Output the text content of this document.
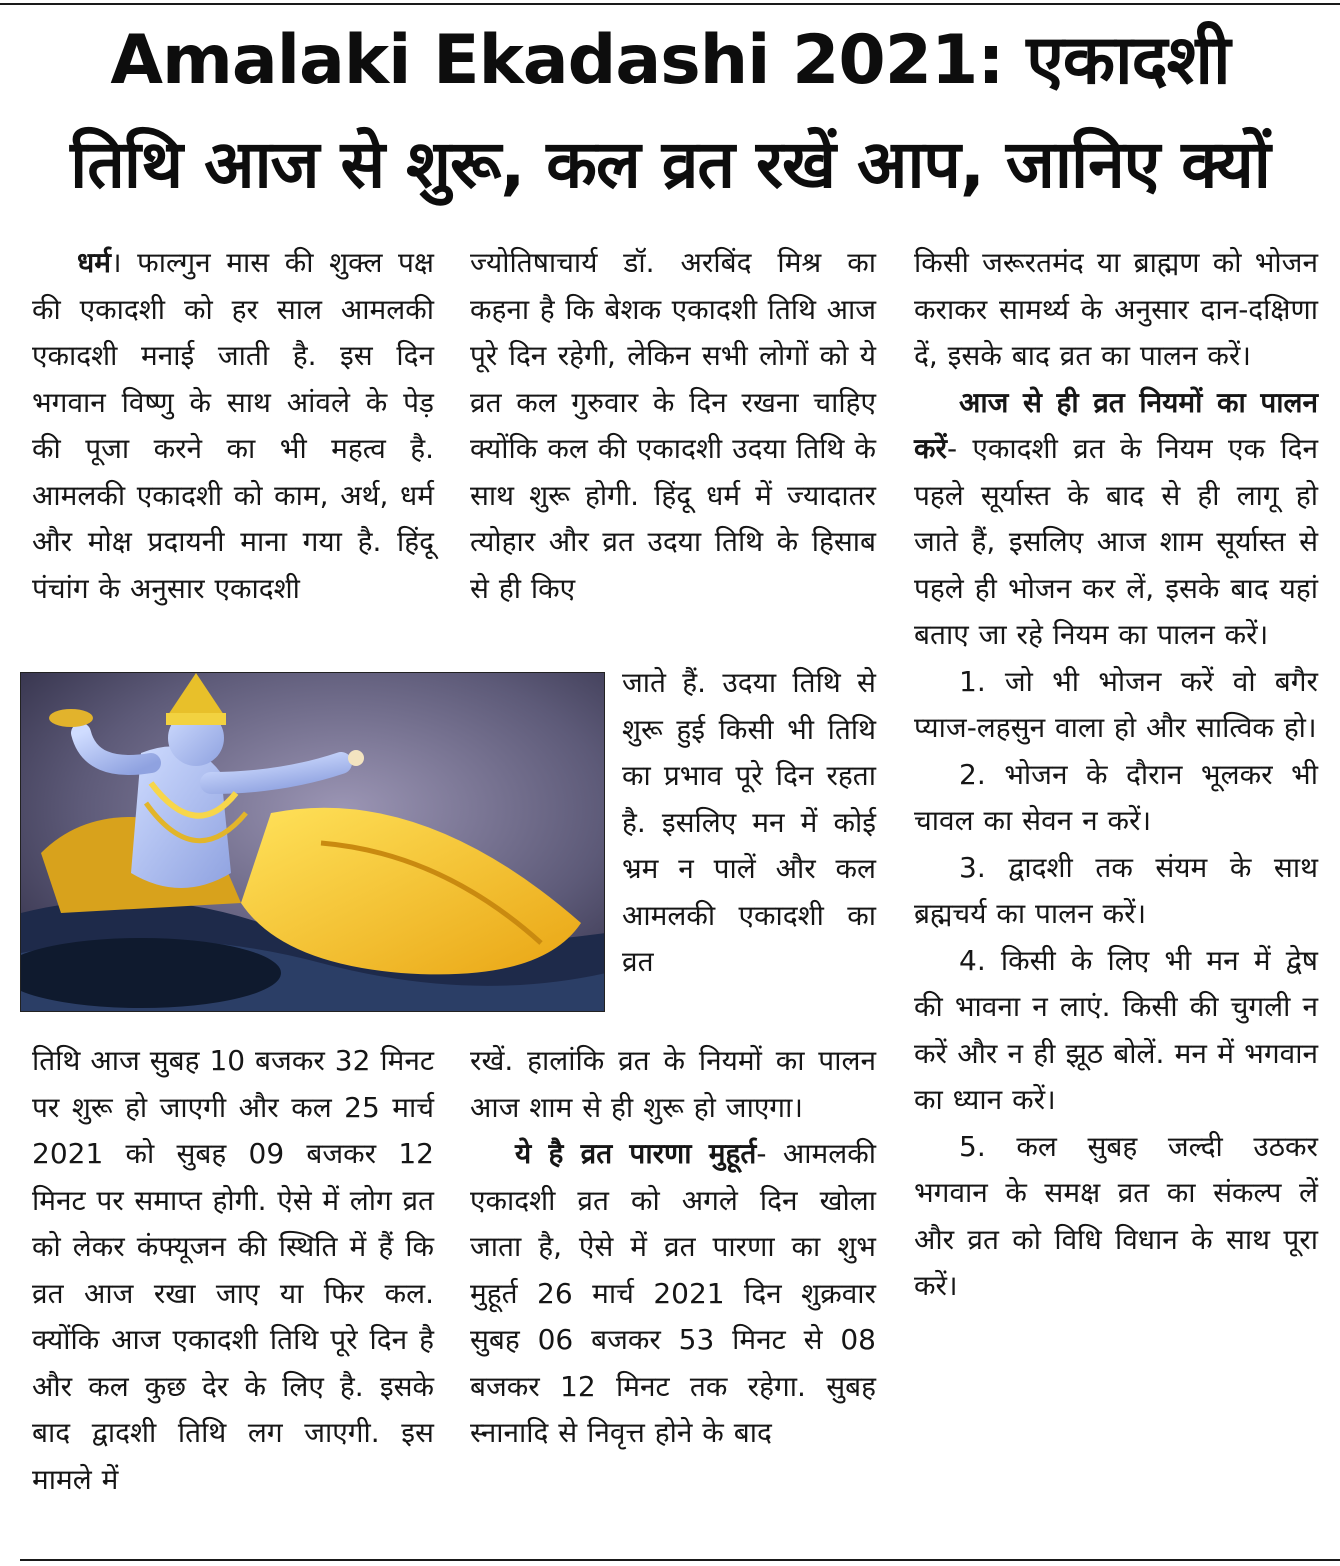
Amalaki Ekadashi 2021: एकादशी
तिथि आज से शुरू, कल व्रत रखें आप, जानिए क्यों

धर्म। फाल्गुन मास की शुक्ल पक्ष की एकादशी को हर साल आमलकी एकादशी मनाई जाती है. इस दिन भगवान विष्णु के साथ आंवले के पेड़ की पूजा करने का भी महत्व है. आमलकी एकादशी को काम, अर्थ, धर्म और मोक्ष प्रदायनी माना गया है. हिंदू पंचांग के अनुसार एकादशी

तिथि आज सुबह 10 बजकर 32 मिनट पर शुरू हो जाएगी और कल 25 मार्च 2021 को सुबह 09 बजकर 12 मिनट पर समाप्त होगी. ऐसे में लोग व्रत को लेकर कंफ्यूजन की स्थिति में हैं कि व्रत आज रखा जाए या फिर कल. क्योंकि आज एकादशी तिथि पूरे दिन है और कल कुछ देर के लिए है. इसके बाद द्वादशी तिथि लग जाएगी. इस मामले में

ज्योतिषाचार्य डॉ. अरबिंद मिश्र का कहना है कि बेशक एकादशी तिथि आज पूरे दिन रहेगी, लेकिन सभी लोगों को ये व्रत कल गुरुवार के दिन रखना चाहिए क्योंकि कल की एकादशी उदया तिथि के साथ शुरू होगी. हिंदू धर्म में ज्यादातर त्योहार और व्रत उदया तिथि के हिसाब से ही किए

जाते हैं. उदया तिथि से शुरू हुई किसी भी तिथि का प्रभाव पूरे दिन रहता है. इसलिए मन में कोई भ्रम न पालें और कल आमलकी एकादशी का व्रत

रखें. हालांकि व्रत के नियमों का पालन आज शाम से ही शुरू हो जाएगा।

ये है व्रत पारणा मुहूर्त- आमलकी एकादशी व्रत को अगले दिन खोला जाता है, ऐसे में व्रत पारणा का शुभ मुहूर्त 26 मार्च 2021 दिन शुक्रवार सुबह 06 बजकर 53 मिनट से 08 बजकर 12 मिनट तक रहेगा. सुबह स्नानादि से निवृत्त होने के बाद

किसी जरूरतमंद या ब्राह्मण को भोजन कराकर सामर्थ्य के अनुसार दान-दक्षिणा दें, इसके बाद व्रत का पालन करें।

आज से ही व्रत नियमों का पालन करें- एकादशी व्रत के नियम एक दिन पहले सूर्यास्त के बाद से ही लागू हो जाते हैं, इसलिए आज शाम सूर्यास्त से पहले ही भोजन कर लें, इसके बाद यहां बताए जा रहे नियम का पालन करें।

1. जो भी भोजन करें वो बगैर प्याज-लहसुन वाला हो और सात्विक हो।

2. भोजन के दौरान भूलकर भी चावल का सेवन न करें।

3. द्वादशी तक संयम के साथ ब्रह्मचर्य का पालन करें।

4. किसी के लिए भी मन में द्वेष की भावना न लाएं. किसी की चुगली न करें और न ही झूठ बोलें. मन में भगवान का ध्यान करें।

5. कल सुबह जल्दी उठकर भगवान के समक्ष व्रत का संकल्प लें और व्रत को विधि विधान के साथ पूरा करें।
